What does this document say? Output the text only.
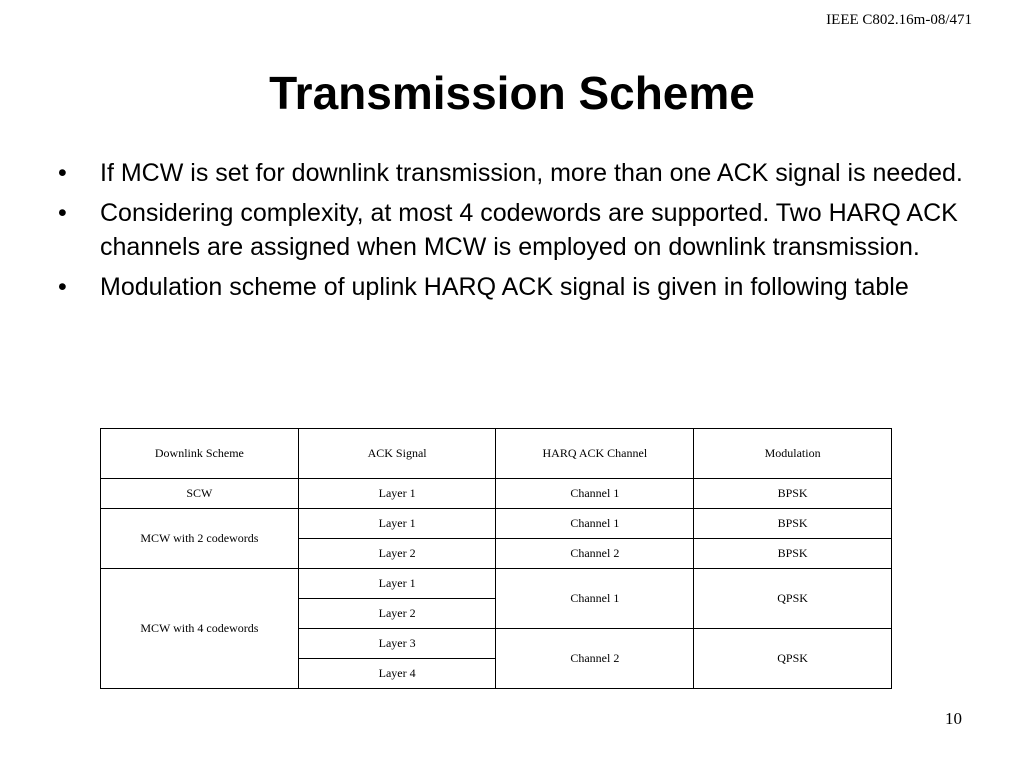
IEEE C802.16m-08/471
Transmission Scheme
• If MCW is set for downlink transmission, more than one ACK signal is needed.
• Considering complexity, at most 4 codewords are supported. Two HARQ ACK channels are assigned when MCW is employed on downlink transmission.
• Modulation scheme of uplink HARQ ACK signal is given in following table
Downlink Scheme	ACK Signal	HARQ ACK Channel	Modulation
SCW	Layer 1	Channel 1	BPSK
MCW with 2 codewords	Layer 1	Channel 1	BPSK
	Layer 2	Channel 2	BPSK
MCW with 4 codewords	Layer 1	Channel 1	QPSK
	Layer 2		
	Layer 3	Channel 2	QPSK
	Layer 4		
10
